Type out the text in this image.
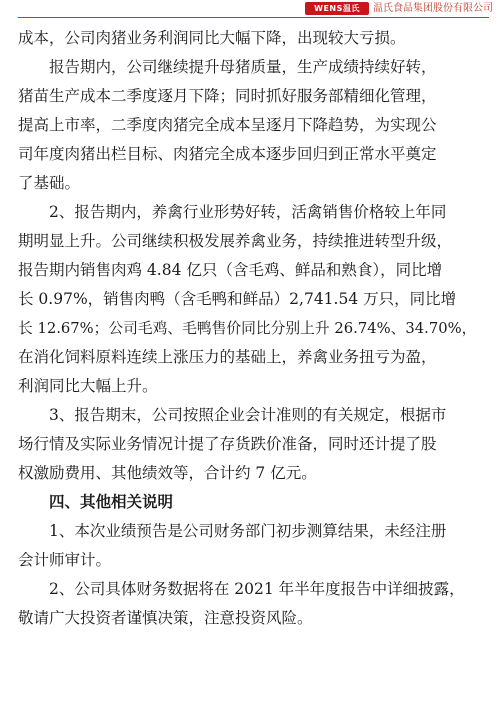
WENS温氏	温氏食品集团股份有限公司
成本，公司肉猪业务利润同比大幅下降，出现较大亏损。
　　报告期内，公司继续提升母猪质量，生产成绩持续好转，
猪苗生产成本二季度逐月下降；同时抓好服务部精细化管理，
提高上市率，二季度肉猪完全成本呈逐月下降趋势，为实现公
司年度肉猪出栏目标、肉猪完全成本逐步回归到正常水平奠定
了基础。
　　2、报告期内，养禽行业形势好转，活禽销售价格较上年同
期明显上升。公司继续积极发展养禽业务，持续推进转型升级，
报告期内销售肉鸡 4.84 亿只（含毛鸡、鲜品和熟食），同比增
长 0.97%，销售肉鸭（含毛鸭和鲜品）2,741.54 万只，同比增
长 12.67%；公司毛鸡、毛鸭售价同比分别上升 26.74%、34.70%，
在消化饲料原料连续上涨压力的基础上，养禽业务扭亏为盈，
利润同比大幅上升。
　　3、报告期末，公司按照企业会计准则的有关规定，根据市
场行情及实际业务情况计提了存货跌价准备，同时还计提了股
权激励费用、其他绩效等，合计约 7 亿元。
　　四、其他相关说明
　　1、本次业绩预告是公司财务部门初步测算结果，未经注册
会计师审计。
　　2、公司具体财务数据将在 2021 年半年度报告中详细披露，
敬请广大投资者谨慎决策，注意投资风险。
